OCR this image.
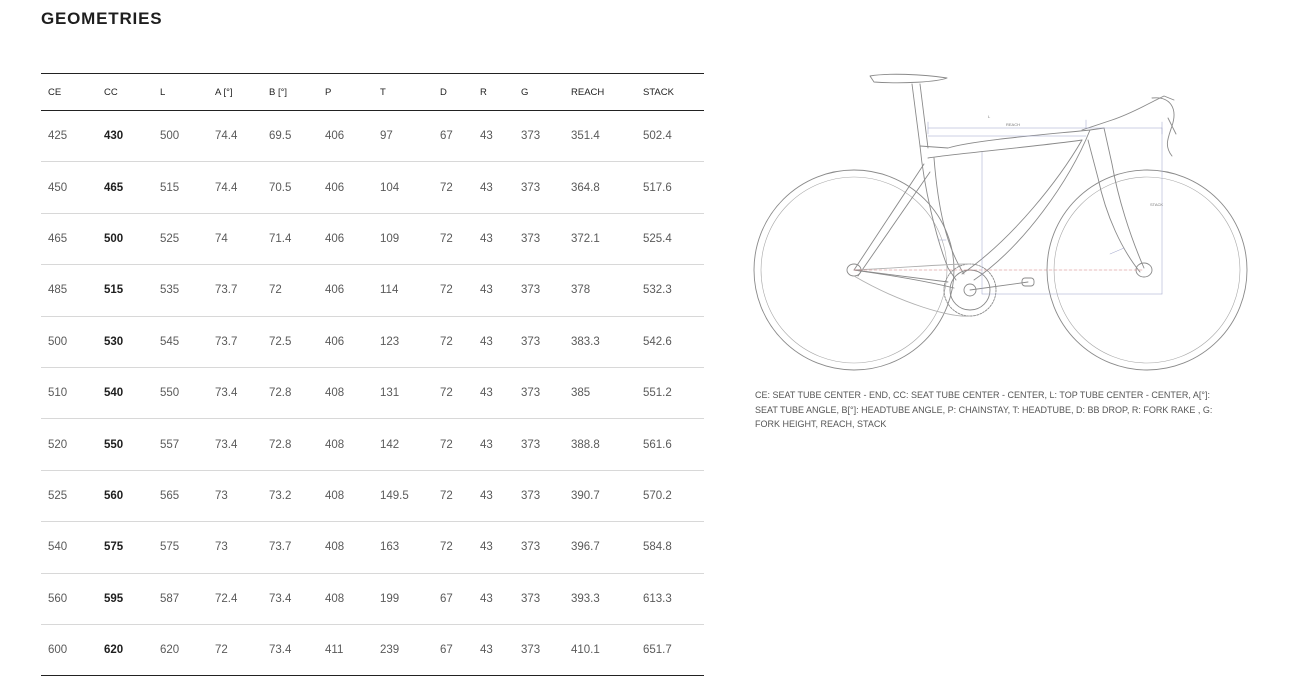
GEOMETRIES
CE	CC	L	A [°]	B [°]	P	T	D	R	G	REACH	STACK
425	430	500	74.4	69.5	406	97	67	43	373	351.4	502.4
450	465	515	74.4	70.5	406	104	72	43	373	364.8	517.6
465	500	525	74	71.4	406	109	72	43	373	372.1	525.4
485	515	535	73.7	72	406	114	72	43	373	378	532.3
500	530	545	73.7	72.5	406	123	72	43	373	383.3	542.6
510	540	550	73.4	72.8	408	131	72	43	373	385	551.2
520	550	557	73.4	72.8	408	142	72	43	373	388.8	561.6
525	560	565	73	73.2	408	149.5	72	43	373	390.7	570.2
540	575	575	73	73.7	408	163	72	43	373	396.7	584.8
560	595	587	72.4	73.4	408	199	67	43	373	393.3	613.3
600	620	620	72	73.4	411	239	67	43	373	410.1	651.7
L
REACH
STACK

CE: SEAT TUBE CENTER - END, CC: SEAT TUBE CENTER - CENTER, L: TOP TUBE CENTER - CENTER, A[°]: SEAT TUBE ANGLE, B[°]: HEADTUBE ANGLE, P: CHAINSTAY, T: HEADTUBE, D: BB DROP, R: FORK RAKE , G: FORK HEIGHT, REACH, STACK
